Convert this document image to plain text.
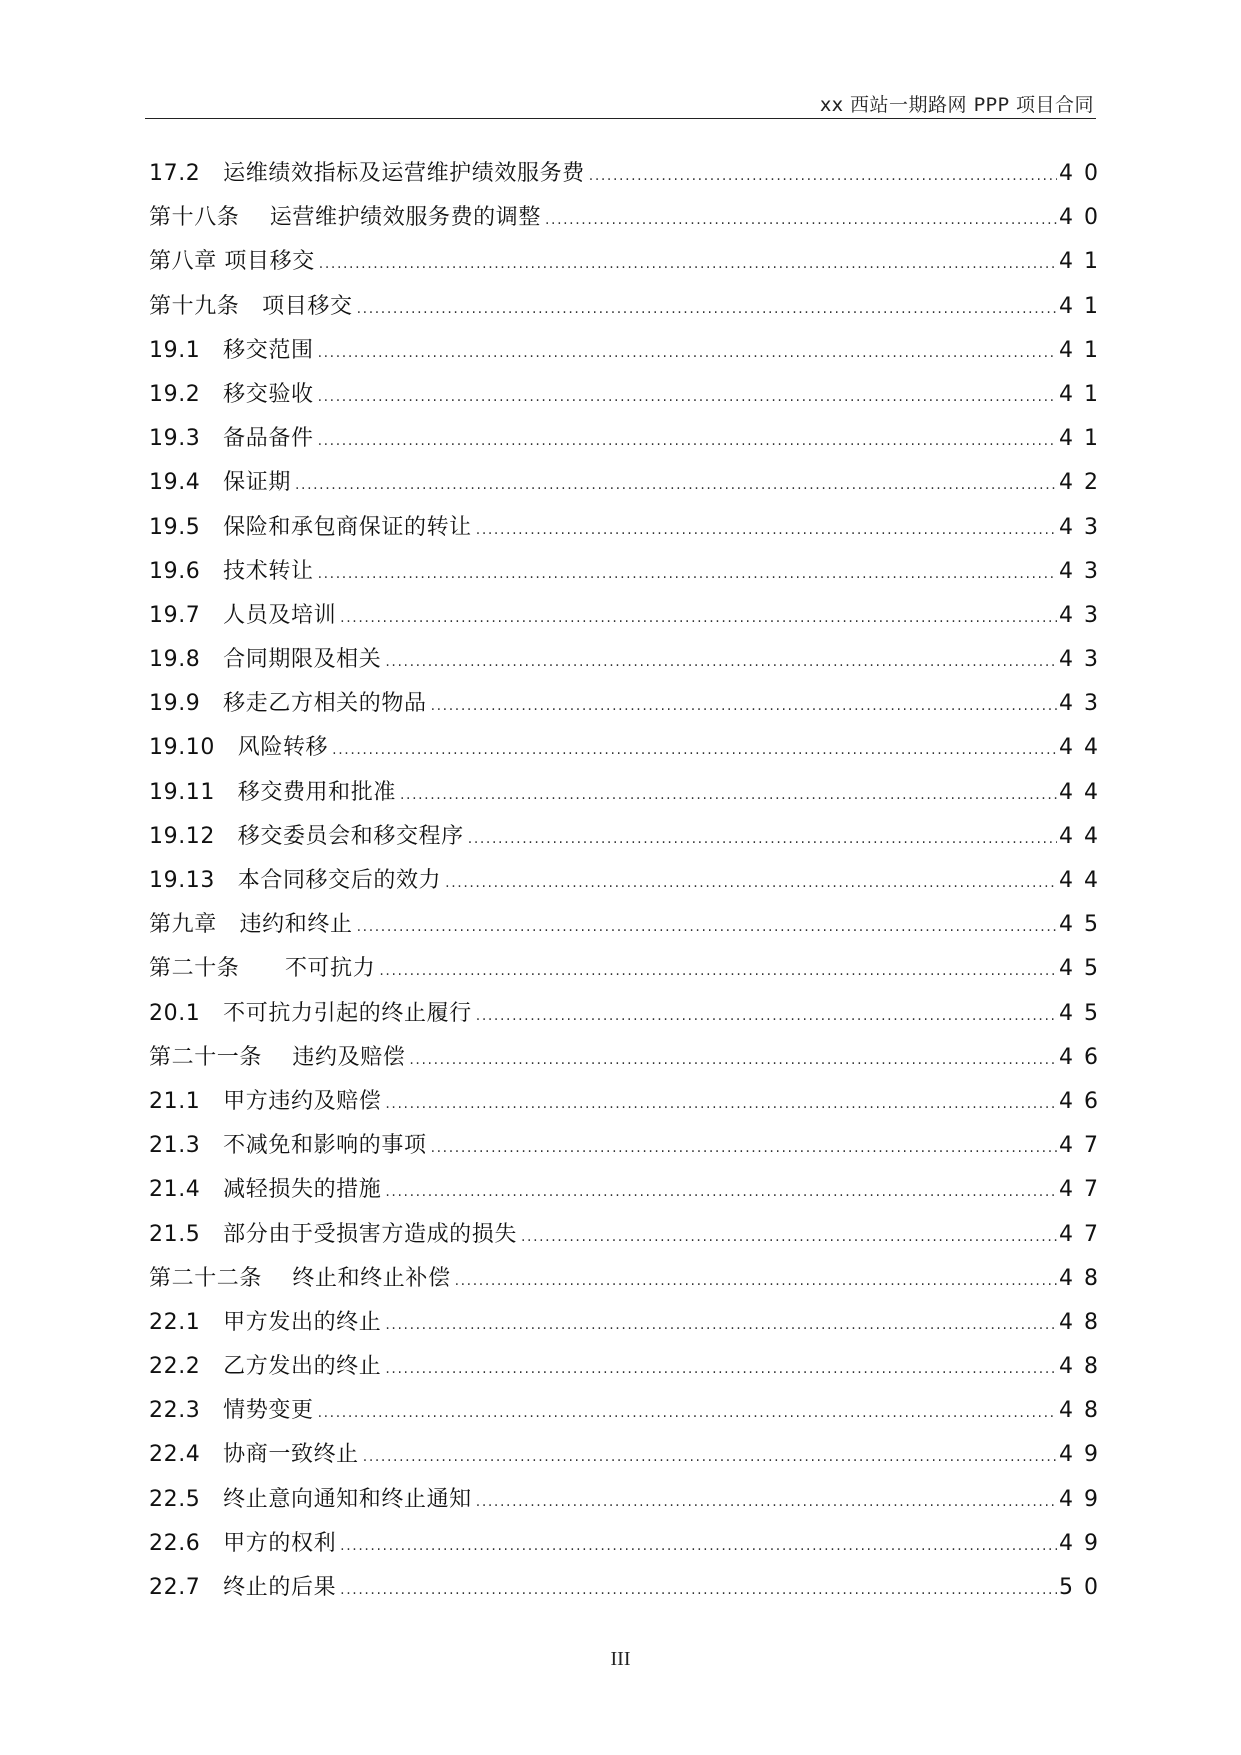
xx 西站一期路网 PPP 项目合同
17.2   运维绩效指标及运营维护绩效服务费 .....	40
第十八条    运营维护绩效服务费的调整 .....	40
第八章 项目移交 .....	41
第十九条   项目移交 .....	41
19.1   移交范围 .....	41
19.2   移交验收 .....	41
19.3   备品备件 .....	41
19.4   保证期 .....	42
19.5   保险和承包商保证的转让 .....	43
19.6   技术转让 .....	43
19.7   人员及培训 .....	43
19.8   合同期限及相关 .....	43
19.9   移走乙方相关的物品 .....	43
19.10   风险转移 .....	44
19.11   移交费用和批准 .....	44
19.12   移交委员会和移交程序 .....	44
19.13   本合同移交后的效力 .....	44
第九章   违约和终止 .....	45
第二十条      不可抗力 .....	45
20.1   不可抗力引起的终止履行 .....	45
第二十一条    违约及赔偿 .....	46
21.1   甲方违约及赔偿 .....	46
21.3   不减免和影响的事项 .....	47
21.4   减轻损失的措施 .....	47
21.5   部分由于受损害方造成的损失 .....	47
第二十二条    终止和终止补偿 .....	48
22.1   甲方发出的终止 .....	48
22.2   乙方发出的终止 .....	48
22.3   情势变更 .....	48
22.4   协商一致终止 .....	49
22.5   终止意向通知和终止通知 .....	49
22.6   甲方的权利 .....	49
22.7   终止的后果 .....	50
III
